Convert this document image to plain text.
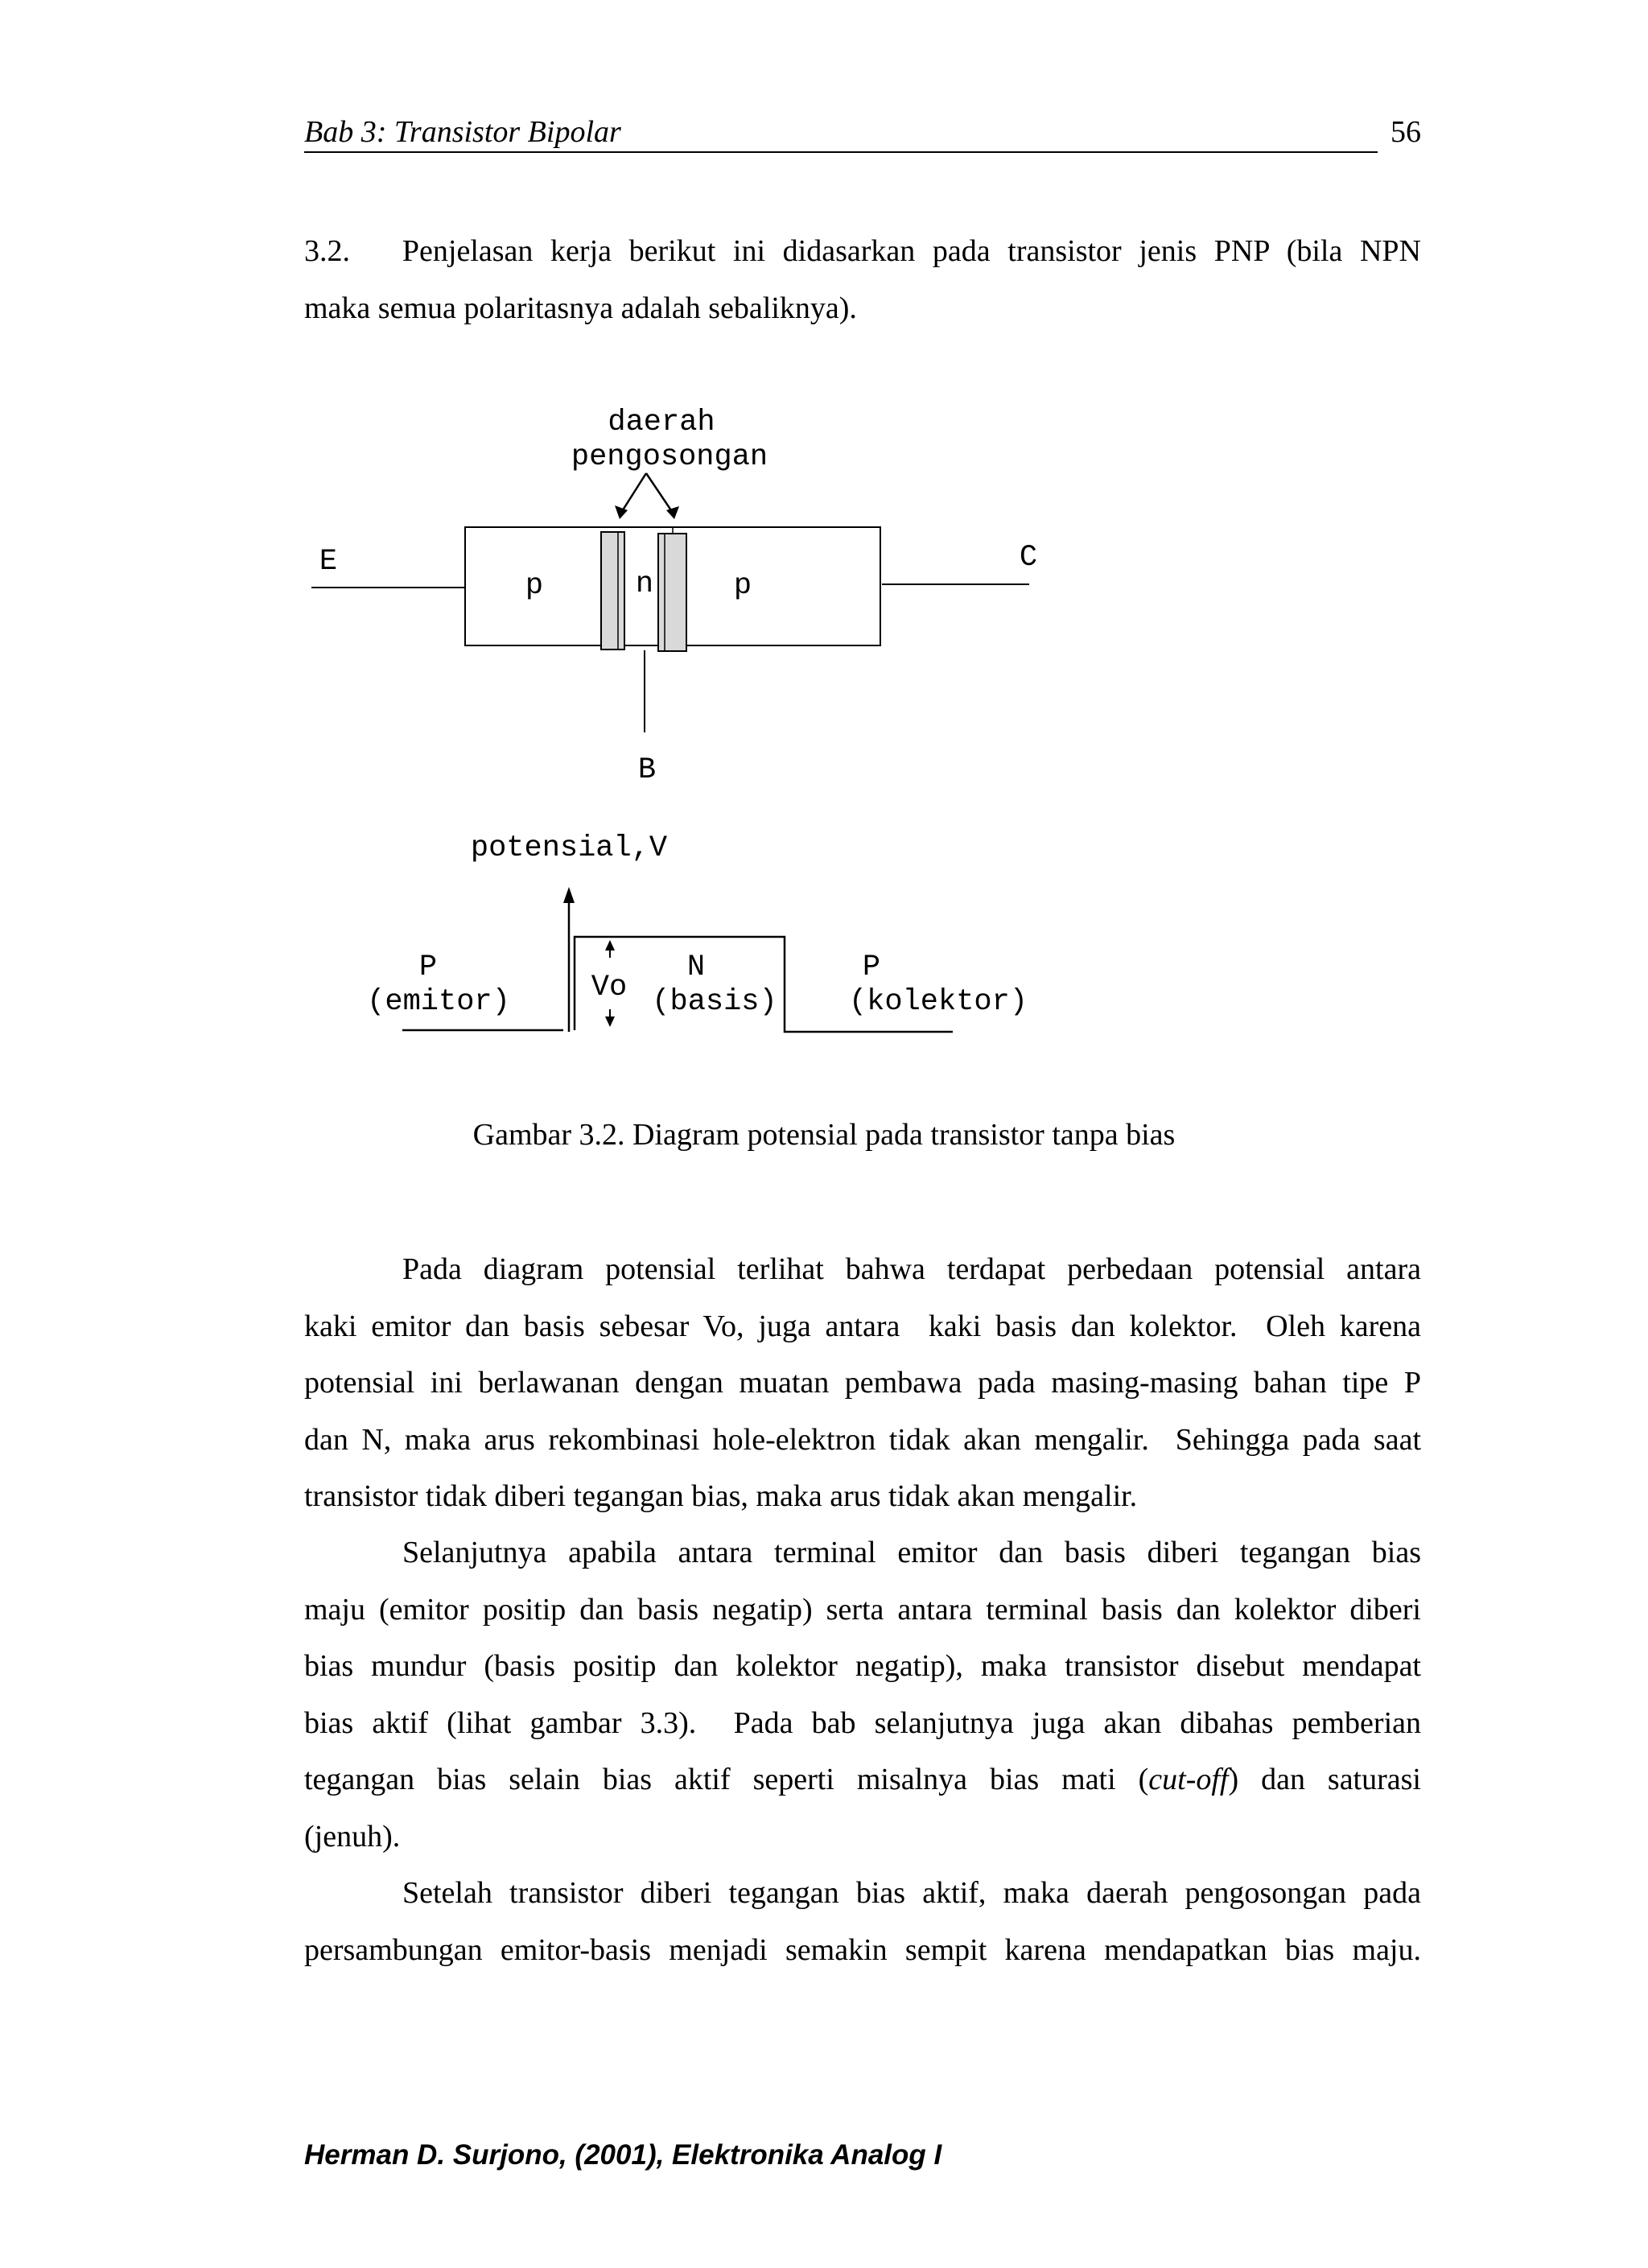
Bab 3: Transistor Bipolar	56

3.2.   Penjelasan kerja berikut ini didasarkan pada transistor jenis PNP (bila NPN
maka semua polaritasnya adalah sebaliknya).

daerah
pengosongan
p	n	p
E	C
B
potensial,V
Vo
P
(emitor)
N
(basis)
P
(kolektor)
Gambar 3.2. Diagram potensial pada transistor tanpa bias

Pada diagram potensial terlihat bahwa terdapat perbedaan potensial antara
kaki emitor dan basis sebesar Vo, juga antara  kaki basis dan kolektor.  Oleh karena
potensial ini berlawanan dengan muatan pembawa pada masing-masing bahan tipe P
dan N, maka arus rekombinasi hole-elektron tidak akan mengalir.  Sehingga pada saat
transistor tidak diberi tegangan bias, maka arus tidak akan mengalir.

Selanjutnya apabila antara terminal emitor dan basis diberi tegangan bias
maju (emitor positip dan basis negatip) serta antara terminal basis dan kolektor diberi
bias mundur (basis positip dan kolektor negatip), maka transistor disebut mendapat
bias aktif (lihat gambar 3.3).  Pada bab selanjutnya juga akan dibahas pemberian
tegangan bias selain bias aktif seperti misalnya bias mati (cut-off) dan saturasi
(jenuh).

Setelah transistor diberi tegangan bias aktif, maka daerah pengosongan pada
persambungan emitor-basis menjadi semakin sempit karena mendapatkan bias maju.

Herman D. Surjono, (2001), Elektronika Analog I
